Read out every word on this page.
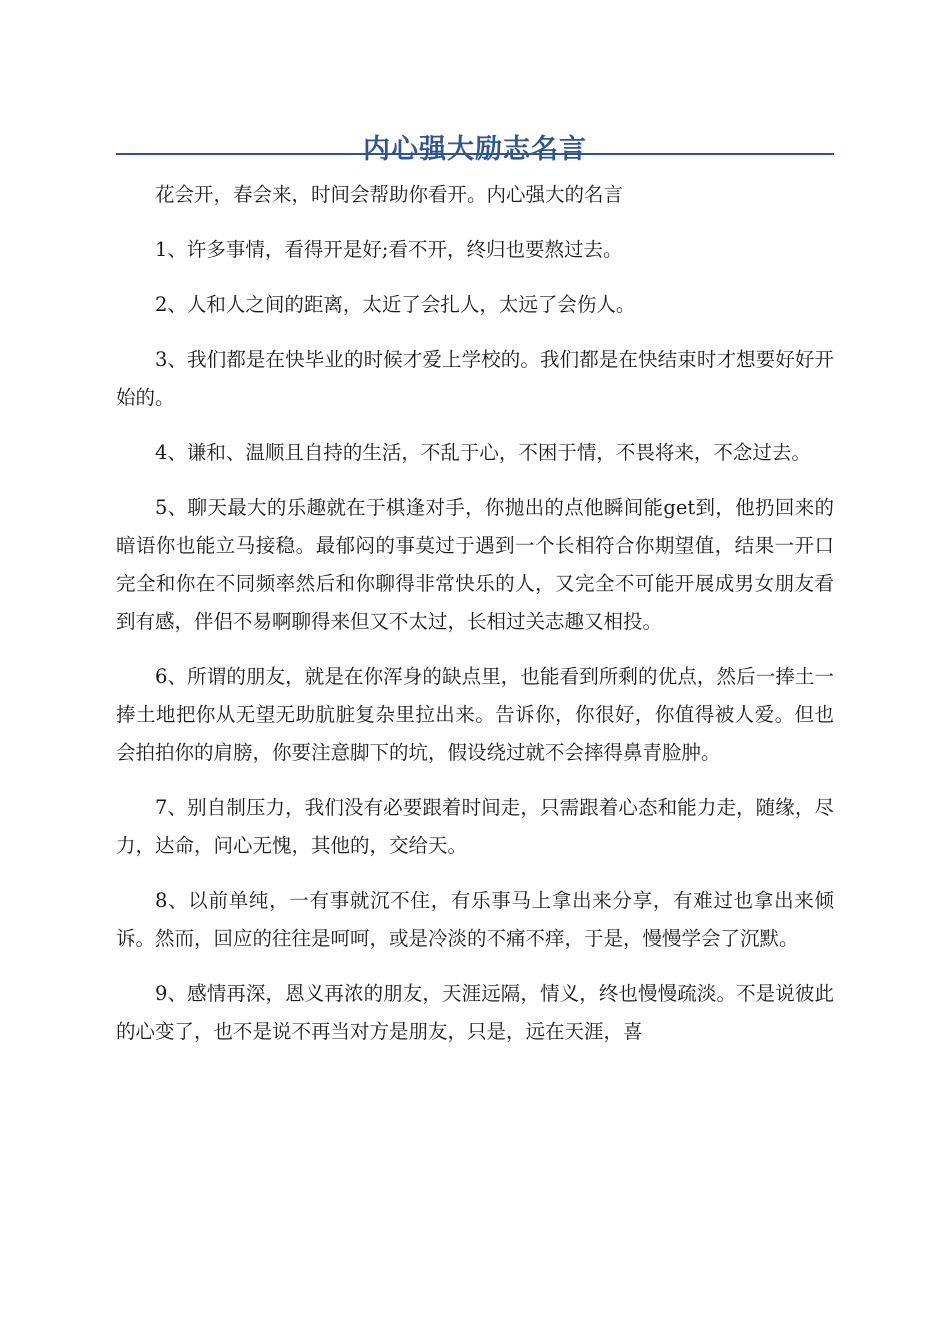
内心强大励志名言

花会开，春会来，时间会帮助你看开。内心强大的名言

1、许多事情，看得开是好;看不开，终归也要熬过去。

2、人和人之间的距离，太近了会扎人，太远了会伤人。

3、我们都是在快毕业的时候才爱上学校的。我们都是在快结束时才想要好好开始的。

4、谦和、温顺且自持的生活，不乱于心，不困于情，不畏将来，不念过去。

5、聊天最大的乐趣就在于棋逢对手，你抛出的点他瞬间能get到，他扔回来的暗语你也能立马接稳。最郁闷的事莫过于遇到一个长相符合你期望值，结果一开口完全和你在不同频率然后和你聊得非常快乐的人，又完全不可能开展成男女朋友看到有感，伴侣不易啊聊得来但又不太过，长相过关志趣又相投。

6、所谓的朋友，就是在你浑身的缺点里，也能看到所剩的优点，然后一捧土一捧土地把你从无望无助肮脏复杂里拉出来。告诉你，你很好，你值得被人爱。但也会拍拍你的肩膀，你要注意脚下的坑，假设绕过就不会摔得鼻青脸肿。

7、别自制压力，我们没有必要跟着时间走，只需跟着心态和能力走，随缘，尽力，达命，问心无愧，其他的，交给天。

8、以前单纯，一有事就沉不住，有乐事马上拿出来分享，有难过也拿出来倾诉。然而，回应的往往是呵呵，或是冷淡的不痛不痒，于是，慢慢学会了沉默。

9、感情再深，恩义再浓的朋友，天涯远隔，情义，终也慢慢疏淡。不是说彼此的心变了，也不是说不再当对方是朋友，只是，远在天涯，喜
